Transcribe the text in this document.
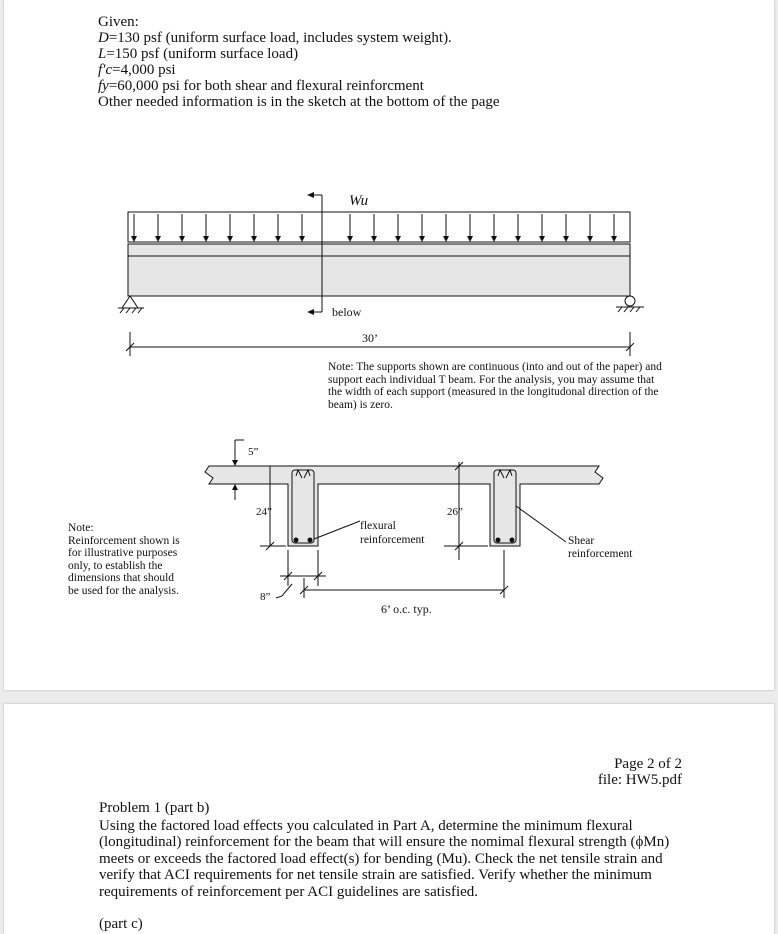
Given:
D=130 psf (uniform surface load, includes system weight).
L=150 psf (uniform surface load)
f′c=4,000 psi
fy=60,000 psi for both shear and flexural reinforcment
Other needed information is in the sketch at the bottom of the page
Wu
below
30’
Note: The supports shown are continuous (into and out of the paper) and support each individual T beam. For the analysis, you may assume that the width of each support (measured in the longitudonal direction of the beam) is zero.
5”
24”	26”
8”
6’ o.c. typ.
flexural
reinforcement	Shear
reinforcement
Note:
Reinforcement shown is
for illustrative purposes
only, to establish the
dimensions that should
be used for the analysis.
Page 2 of 2
file: HW5.pdf
Problem 1 (part b)
Using the factored load effects you calculated in Part A, determine the minimum flexural (longitudinal) reinforcement for the beam that will ensure the nomimal flexural strength (ϕMn) meets or exceeds the factored load effect(s) for bending (Mu). Check the net tensile strain and verify that ACI requirements for net tensile strain are satisfied. Verify whether the minimum requirements of reinforcement per ACI guidelines are satisfied.
(part c)
